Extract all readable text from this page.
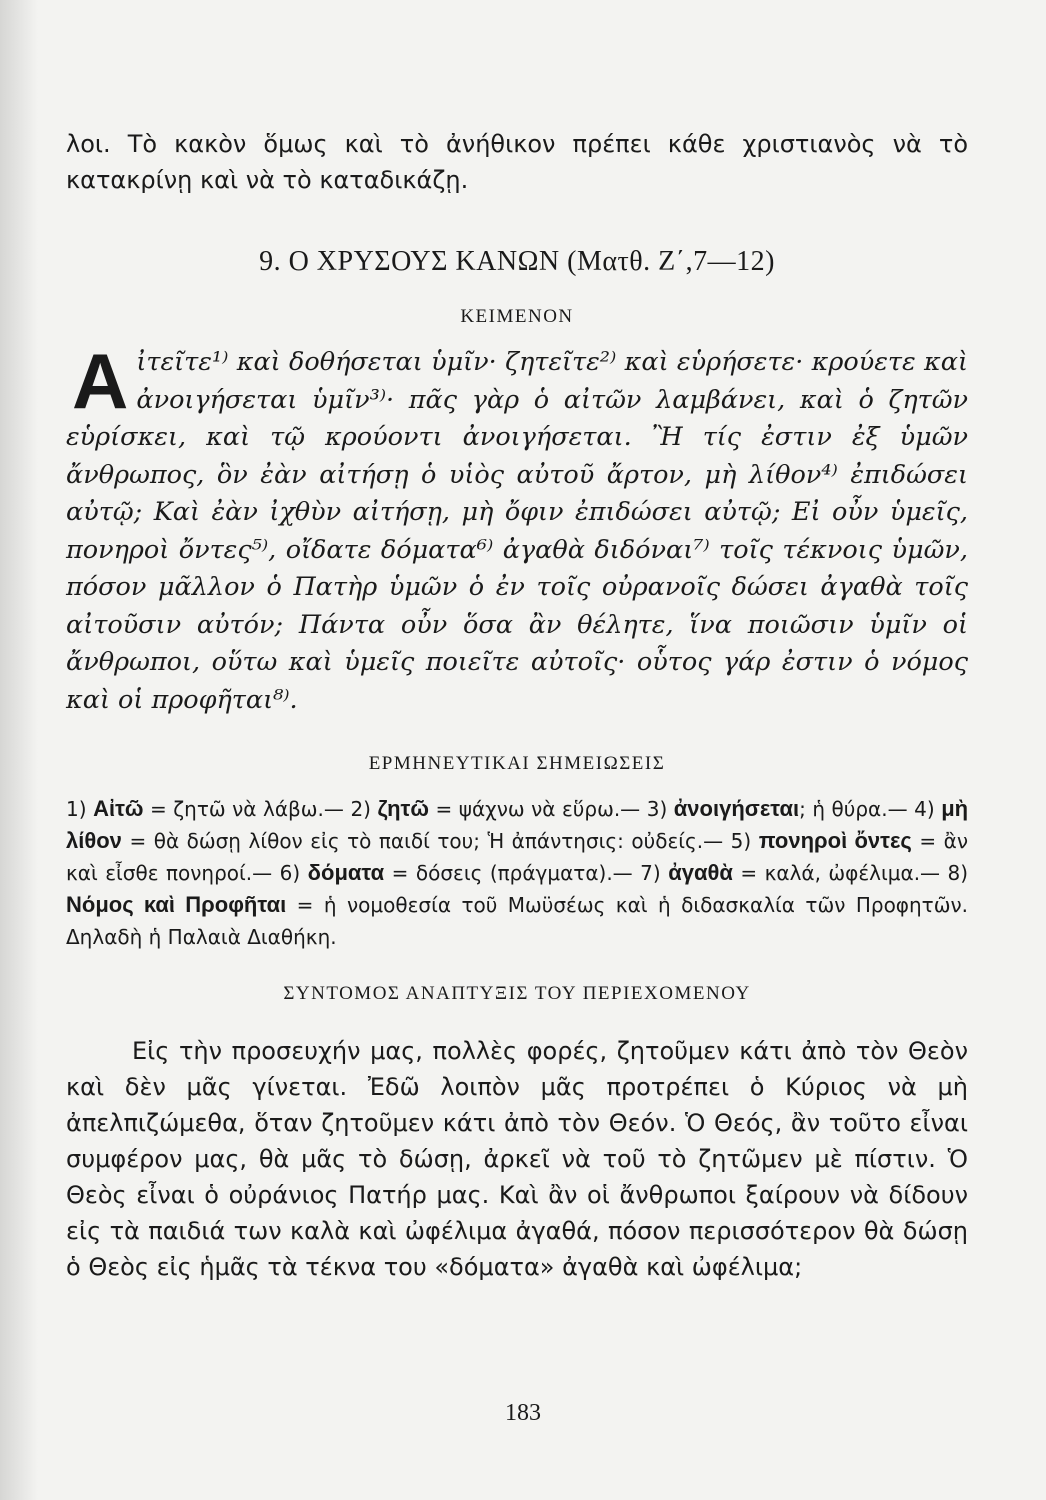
λοι. Τὸ κακὸν ὅμως καὶ τὸ ἀνήθικον πρέπει κάθε χριστιανὸς νὰ τὸ κατακρίνῃ καὶ νὰ τὸ καταδικάζῃ.

9. Ο ΧΡΥΣΟΥΣ ΚΑΝΩΝ (Ματθ. Ζ΄,7—12)
ΚΕΙΜΕΝΟΝ
Α ἰτεῖτε¹⁾ καὶ δοθήσεται ὑμῖν· ζητεῖτε²⁾ καὶ εὑρήσετε· κρούετε καὶ ἀνοιγήσεται ὑμῖν³⁾· πᾶς γὰρ ὁ αἰτῶν λαμβάνει, καὶ ὁ ζητῶν εὑρίσκει, καὶ τῷ κρούοντι ἀνοιγήσεται. Ἢ τίς ἐστιν ἐξ ὑμῶν ἄνθρωπος, ὃν ἐὰν αἰτήσῃ ὁ υἱὸς αὐτοῦ ἄρτον, μὴ λίθον⁴⁾ ἐπιδώσει αὐτῷ; Καὶ ἐὰν ἰχθὺν αἰτήσῃ, μὴ ὄφιν ἐπιδώσει αὐτῷ; Εἰ οὖν ὑμεῖς, πονηροὶ ὄντες⁵⁾, οἴδατε δόματα⁶⁾ ἀγαθὰ διδόναι⁷⁾ τοῖς τέκνοις ὑμῶν, πόσον μᾶλλον ὁ Πατὴρ ὑμῶν ὁ ἐν τοῖς οὐρανοῖς δώσει ἀγαθὰ τοῖς αἰτοῦσιν αὐτόν; Πάντα οὖν ὅσα ἂν θέλητε, ἵνα ποιῶσιν ὑμῖν οἱ ἄνθρωποι, οὕτω καὶ ὑμεῖς ποιεῖτε αὐτοῖς· οὗτος γάρ ἐστιν ὁ νόμος καὶ οἱ προφῆται⁸⁾.
ΕΡΜΗΝΕΥΤΙΚΑΙ ΣΗΜΕΙΩΣΕΙΣ
1) Αἰτῶ = ζητῶ νὰ λάβω.— 2) ζητῶ = ψάχνω νὰ εὕρω.— 3) ἀνοιγήσεται; ἡ θύρα.— 4) μὴ λίθον = θὰ δώσῃ λίθον εἰς τὸ παιδί του; Ἡ ἀπάντησις: οὐδείς.— 5) πονηροὶ ὄντες = ἂν καὶ εἶσθε πονηροί.— 6) δόματα = δόσεις (πράγματα).— 7) ἀγαθὰ = καλά, ὠφέλιμα.— 8) Νόμος καὶ Προφῆται = ἡ νομοθεσία τοῦ Μωϋσέως καὶ ἡ διδασκαλία τῶν Προφητῶν. Δηλαδὴ ἡ Παλαιὰ Διαθήκη.
ΣΥΝΤΟΜΟΣ ΑΝΑΠΤΥΞΙΣ ΤΟΥ ΠΕΡΙΕΧΟΜΕΝΟΥ
Εἰς τὴν προσευχήν μας, πολλὲς φορές, ζητοῦμεν κάτι ἀπὸ τὸν Θεὸν καὶ δὲν μᾶς γίνεται. Ἐδῶ λοιπὸν μᾶς προτρέπει ὁ Κύριος νὰ μὴ ἀπελπιζώμεθα, ὅταν ζητοῦμεν κάτι ἀπὸ τὸν Θεόν. Ὁ Θεός, ἂν τοῦτο εἶναι συμφέρον μας, θὰ μᾶς τὸ δώσῃ, ἀρκεῖ νὰ τοῦ τὸ ζητῶμεν μὲ πίστιν. Ὁ Θεὸς εἶναι ὁ οὐράνιος Πατήρ μας. Καὶ ἂν οἱ ἄνθρωποι ξαίρουν νὰ δίδουν εἰς τὰ παιδιά των καλὰ καὶ ὠφέλιμα ἀγαθά, πόσον περισσότερον θὰ δώσῃ ὁ Θεὸς εἰς ἡμᾶς τὰ τέκνα του «δόματα» ἀγαθὰ καὶ ὠφέλιμα;
183
